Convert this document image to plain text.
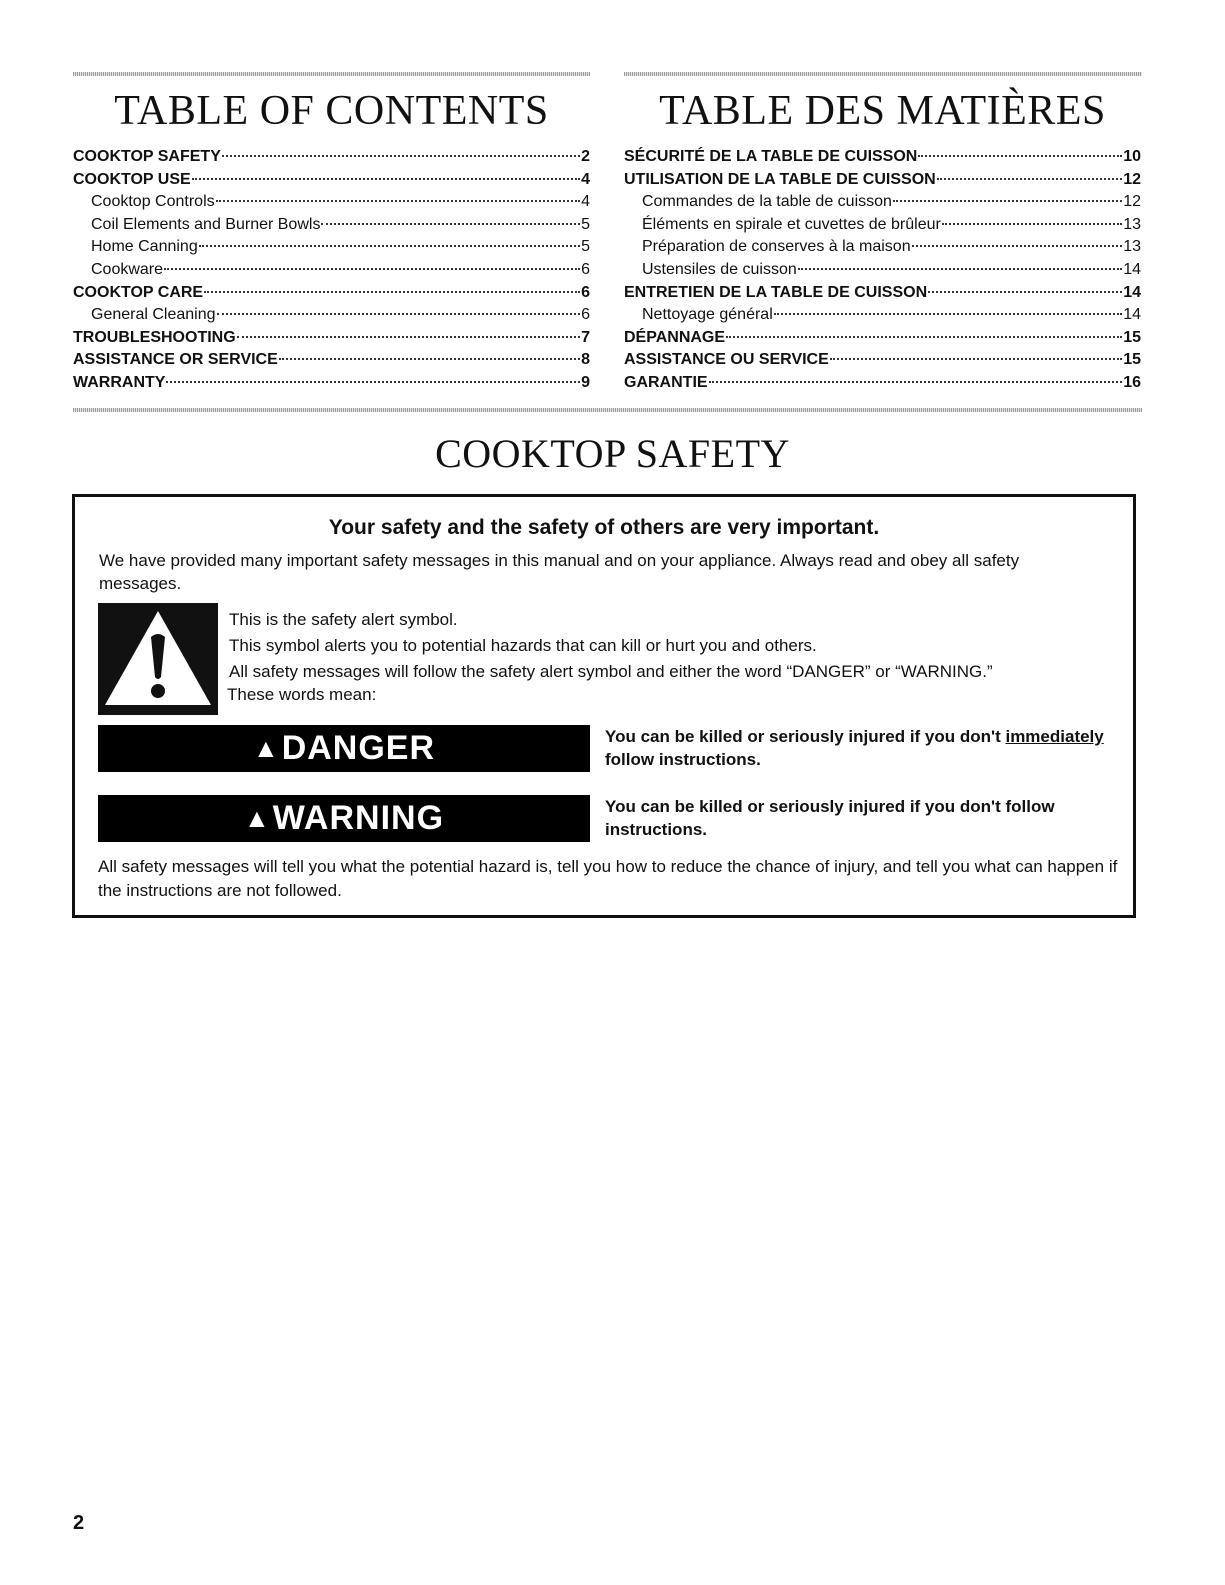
TABLE OF CONTENTS
COOKTOP SAFETY	2
COOKTOP USE	4
Cooktop Controls	4
Coil Elements and Burner Bowls	5
Home Canning	5
Cookware	6
COOKTOP CARE	6
General Cleaning	6
TROUBLESHOOTING	7
ASSISTANCE OR SERVICE	8
WARRANTY	9
TABLE DES MATIÈRES
SÉCURITÉ DE LA TABLE DE CUISSON	10
UTILISATION DE LA TABLE DE CUISSON	12
Commandes de la table de cuisson	12
Éléments en spirale et cuvettes de brûleur	13
Préparation de conserves à la maison	13
Ustensiles de cuisson	14
ENTRETIEN DE LA TABLE DE CUISSON	14
Nettoyage général	14
DÉPANNAGE	15
ASSISTANCE OU SERVICE	15
GARANTIE	16
COOKTOP SAFETY
Your safety and the safety of others are very important.
We have provided many important safety messages in this manual and on your appliance. Always read and obey all safety messages.

This is the safety alert symbol.

This symbol alerts you to potential hazards that can kill or hurt you and others.

All safety messages will follow the safety alert symbol and either the word “DANGER” or “WARNING.”

These words mean:

▲ DANGER	You can be killed or seriously injured if you don't immediately follow instructions.
▲ WARNING	You can be killed or seriously injured if you don't follow instructions.
All safety messages will tell you what the potential hazard is, tell you how to reduce the chance of injury, and tell you what can happen if the instructions are not followed.
2
